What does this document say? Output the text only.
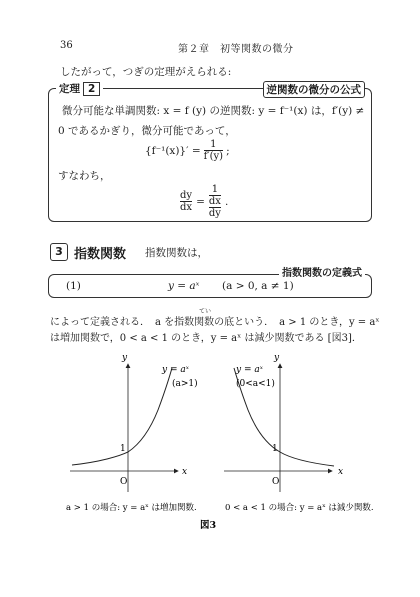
36	第２章　初等関数の微分
したがって，つぎの定理がえられる:
定理 2	逆関数の微分の公式
微分可能な単調関数: x = f (y) の逆関数: y = f⁻¹(x) は，f′(y) ≠
0 であるかぎり，微分可能であって，
$\{f^{-1}(x)\}' = \frac{1}{f'(y)}$ ;
すなわち，
$\frac{dy}{dx} = \frac{1}{\frac{dx}{dy}}$ .
3 指数関数 指数関数は，
指数関数の定義式
(1)	y = aˣ (a > 0, a ≠ 1)
てい
によって定義される．　a を指数関数の底という．　a > 1 のとき，y = aˣ
は増加関数で，0 < a < 1 のとき，y = aˣ は減少関数である [図3]．
y
x
O
1
y = aˣ
(a>1)
y
x
O
1
y = aˣ
(0<a<1)
a > 1 の場合: y = aˣ は増加関数.	0 < a < 1 の場合: y = aˣ は減少関数.
図3
